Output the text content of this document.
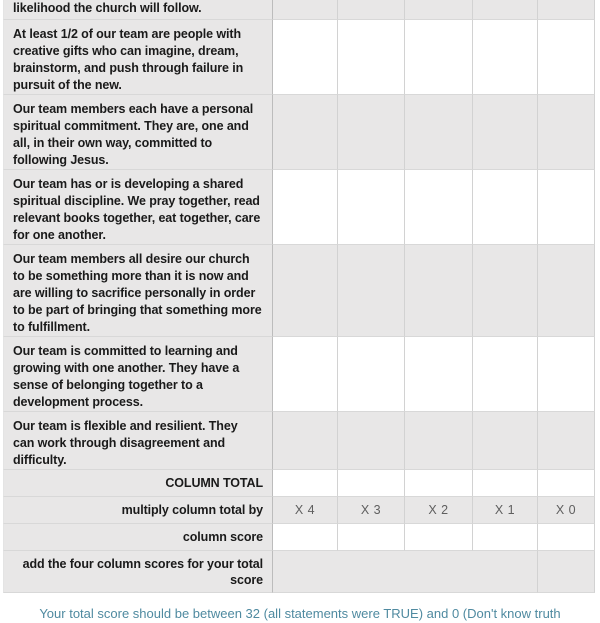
likelihood the church will follow.					
At least 1/2 of our team are people with creative gifts who can imagine, dream, brainstorm, and push through failure in pursuit of the new.					
Our team members each have a personal spiritual commitment. They are, one and all, in their own way, committed to following Jesus.					
Our team has or is developing a shared spiritual discipline. We pray together, read relevant books together, eat together, care for one another.					
Our team members all desire our church to be something more than it is now and are willing to sacrifice personally in order to be part of bringing that something more to fulfillment.					
Our team is committed to learning and growing with one another. They have a sense of belonging together to a development process.					
Our team is flexible and resilient. They can work through disagreement and difficulty.					
COLUMN TOTAL					
multiply column total by	X 4	X 3	X 2	X 1	X 0
column score					
add the four column scores for your total score					
Your total score should be between 32 (all statements were TRUE) and 0 (Don't know truth
